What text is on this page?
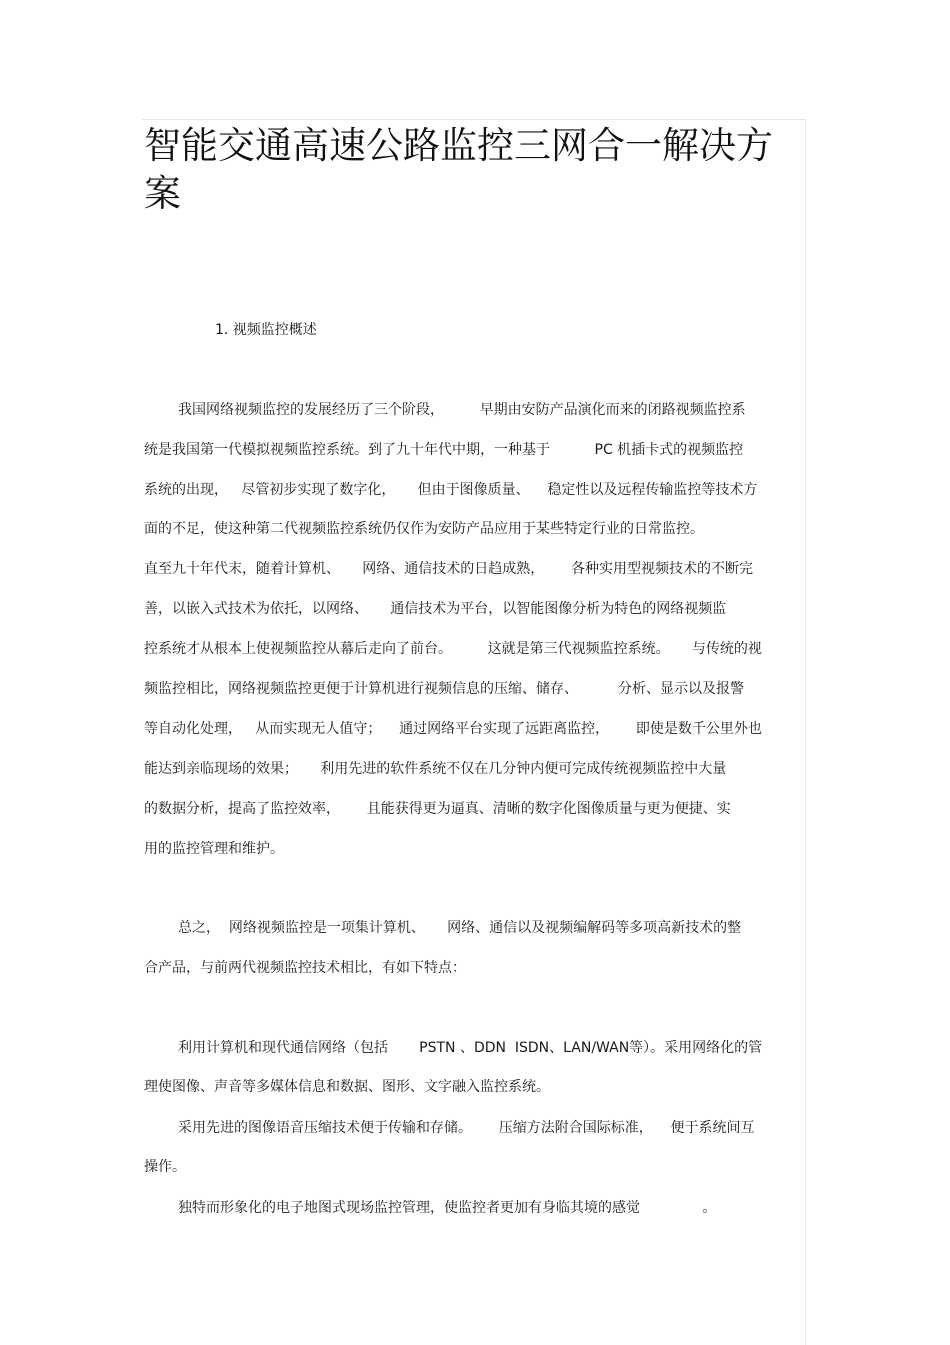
智能交通高速公路监控三网合一解决方案
1. 视频监控概述

我国网络视频监控的发展经历了三个阶段，        早期由安防产品演化而来的闭路视频监控系

统是我国第一代模拟视频监控系统。到了九十年代中期，一种基于          PC 机插卡式的视频监控

系统的出现，   尽管初步实现了数字化，     但由于图像质量、    稳定性以及远程传输监控等技术方

面的不足，使这种第二代视频监控系统仍仅作为安防产品应用于某些特定行业的日常监控。

直至九十年代末，随着计算机、     网络、通信技术的日趋成熟，      各种实用型视频技术的不断完

善，以嵌入式技术为依托，以网络、     通信技术为平台，以智能图像分析为特色的网络视频监

控系统才从根本上使视频监控从幕后走向了前台。        这就是第三代视频监控系统。     与传统的视

频监控相比，网络视频监控更便于计算机进行视频信息的压缩、储存、         分析、显示以及报警

等自动化处理，   从而实现无人值守；    通过网络平台实现了远距离监控，      即使是数千公里外也

能达到亲临现场的效果；     利用先进的软件系统不仅在几分钟内便可完成传统视频监控中大量

的数据分析，提高了监控效率，      且能获得更为逼真、清晰的数字化图像质量与更为便捷、实

用的监控管理和维护。

总之，  网络视频监控是一项集计算机、     网络、通信以及视频编解码等多项高新技术的整

合产品，与前两代视频监控技术相比，有如下特点：

利用计算机和现代通信网络（包括       PSTN 、DDN  ISDN、LAN/WAN等）。采用网络化的管

理使图像、声音等多媒体信息和数据、图形、文字融入监控系统。

采用先进的图像语音压缩技术便于传输和存储。      压缩方法附合国际标准，    便于系统间互

操作。

独特而形象化的电子地图式现场监控管理，使监控者更加有身临其境的感觉              。
